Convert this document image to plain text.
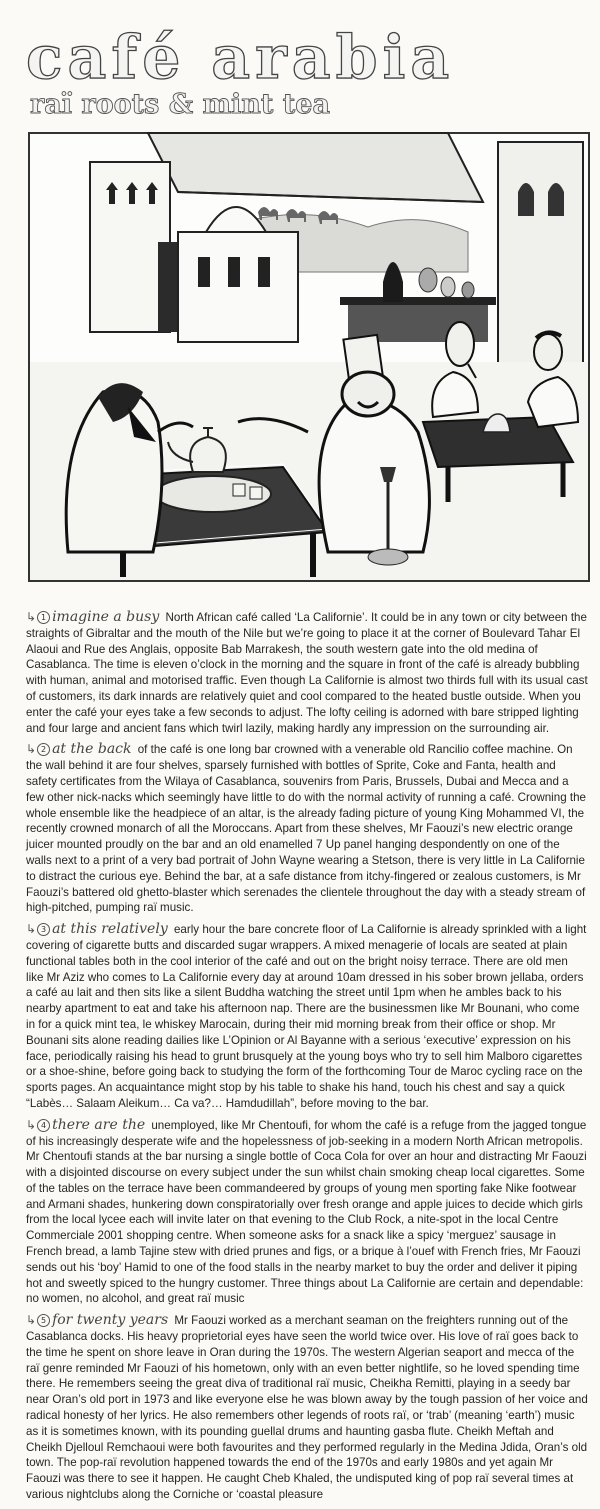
café arabia
raï roots & mint tea

↳ 1 imagine a busy North African café called ‘La Californie’. It could be in any town or city between the straights of Gibraltar and the mouth of the Nile but we’re going to place it at the corner of Boulevard Tahar El Alaoui and Rue des Anglais, opposite Bab Marrakesh, the south western gate into the old medina of Casablanca. The time is eleven o’clock in the morning and the square in front of the café is already bubbling with human, animal and motorised traffic. Even though La Californie is almost two thirds full with its usual cast of customers, its dark innards are relatively quiet and cool compared to the heated bustle outside. When you enter the café your eyes take a few seconds to adjust. The lofty ceiling is adorned with bare stripped lighting and four large and ancient fans which twirl lazily, making hardly any impression on the surrounding air.

↳ 2 at the back of the café is one long bar crowned with a venerable old Rancilio coffee machine. On the wall behind it are four shelves, sparsely furnished with bottles of Sprite, Coke and Fanta, health and safety certificates from the Wilaya of Casablanca, souvenirs from Paris, Brussels, Dubai and Mecca and a few other nick-nacks which seemingly have little to do with the normal activity of running a café. Crowning the whole ensemble like the headpiece of an altar, is the already fading picture of young King Mohammed VI, the recently crowned monarch of all the Moroccans. Apart from these shelves, Mr Faouzi’s new electric orange juicer mounted proudly on the bar and an old enamelled 7 Up panel hanging despondently on one of the walls next to a print of a very bad portrait of John Wayne wearing a Stetson, there is very little in La Californie to distract the curious eye. Behind the bar, at a safe distance from itchy-fingered or zealous customers, is Mr Faouzi’s battered old ghetto-blaster which serenades the clientele throughout the day with a steady stream of high-pitched, pumping raï music.

↳ 3 at this relatively early hour the bare concrete floor of La Californie is already sprinkled with a light covering of cigarette butts and discarded sugar wrappers. A mixed menagerie of locals are seated at plain functional tables both in the cool interior of the café and out on the bright noisy terrace. There are old men like Mr Aziz who comes to La Californie every day at around 10am dressed in his sober brown jellaba, orders a café au lait and then sits like a silent Buddha watching the street until 1pm when he ambles back to his nearby apartment to eat and take his afternoon nap. There are the businessmen like Mr Bounani, who come in for a quick mint tea, le whiskey Marocain, during their mid morning break from their office or shop. Mr Bounani sits alone reading dailies like L’Opinion or Al Bayanne with a serious ‘executive’ expression on his face, periodically raising his head to grunt brusquely at the young boys who try to sell him Malboro cigarettes or a shoe-shine, before going back to studying the form of the forthcoming Tour de Maroc cycling race on the sports pages. An acquaintance might stop by his table to shake his hand, touch his chest and say a quick “Labès… Salaam Aleikum… Ca va?… Hamdudillah”, before moving to the bar.

↳ 4 there are the unemployed, like Mr Chentoufi, for whom the café is a refuge from the jagged tongue of his increasingly desperate wife and the hopelessness of job-seeking in a modern North African metropolis. Mr Chentoufi stands at the bar nursing a single bottle of Coca Cola for over an hour and distracting Mr Faouzi with a disjointed discourse on every subject under the sun whilst chain smoking cheap local cigarettes. Some of the tables on the terrace have been commandeered by groups of young men sporting fake Nike footwear and Armani shades, hunkering down conspiratorially over fresh orange and apple juices to decide which girls from the local lycee each will invite later on that evening to the Club Rock, a nite-spot in the local Centre Commerciale 2001 shopping centre. When someone asks for a snack like a spicy ‘merguez’ sausage in French bread, a lamb Tajine stew with dried prunes and figs, or a brique à l’ouef with French fries, Mr Faouzi sends out his ‘boy’ Hamid to one of the food stalls in the nearby market to buy the order and deliver it piping hot and sweetly spiced to the hungry customer. Three things about La Californie are certain and dependable: no women, no alcohol, and great raï music

↳ 5 for twenty years Mr Faouzi worked as a merchant seaman on the freighters running out of the Casablanca docks. His heavy proprietorial eyes have seen the world twice over. His love of raï goes back to the time he spent on shore leave in Oran during the 1970s. The western Algerian seaport and mecca of the raï genre reminded Mr Faouzi of his hometown, only with an even better nightlife, so he loved spending time there. He remembers seeing the great diva of traditional raï music, Cheikha Remitti, playing in a seedy bar near Oran’s old port in 1973 and like everyone else he was blown away by the tough passion of her voice and radical honesty of her lyrics. He also remembers other legends of roots raï, or ‘trab’ (meaning ‘earth’) music as it is sometimes known, with its pounding guellal drums and haunting gasba flute. Cheikh Meftah and Cheikh Djelloul Remchaoui were both favourites and they performed regularly in the Medina Jdida, Oran’s old town. The pop-raï revolution happened towards the end of the 1970s and early 1980s and yet again Mr Faouzi was there to see it happen. He caught Cheb Khaled, the undisputed king of pop raï several times at various nightclubs along the Corniche or ‘coastal pleasure
